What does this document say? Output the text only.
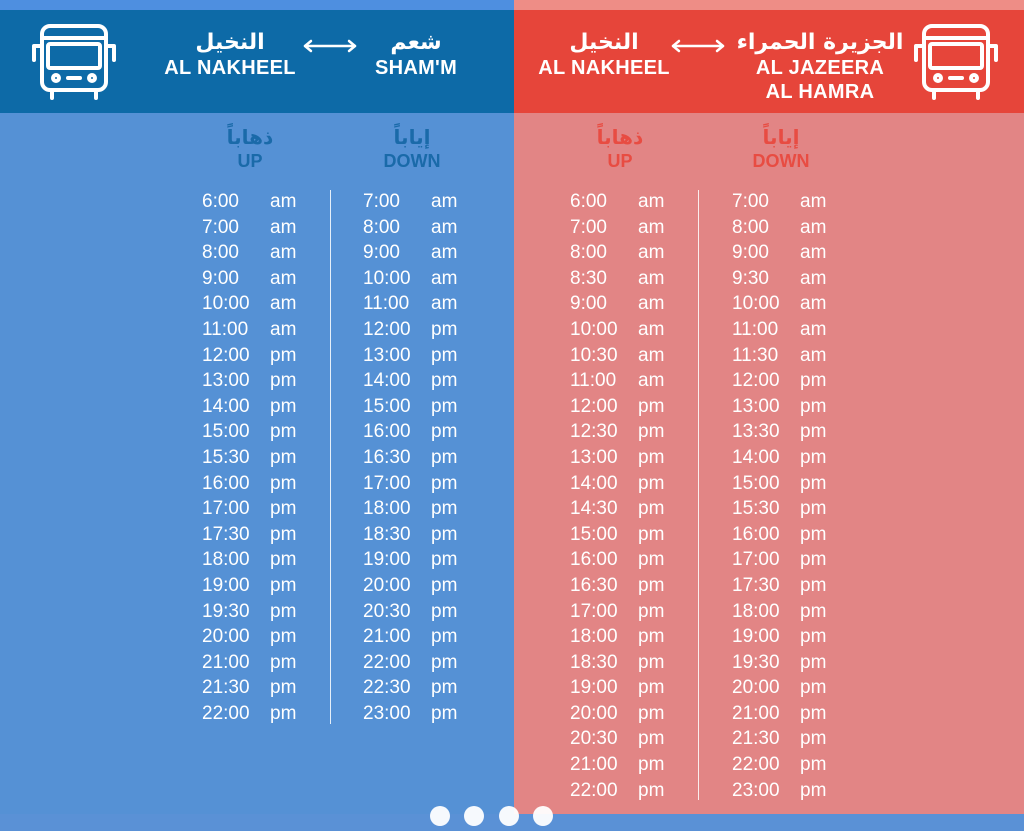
النخيل
AL NAKHEEL
شعم
SHAM'M
ذهاباً
UP
إياباً
DOWN
6:00 am
7:00 am
8:00 am
9:00 am
10:00 am
11:00 am
12:00 pm
13:00 pm
14:00 pm
15:00 pm
15:30 pm
16:00 pm
17:00 pm
17:30 pm
18:00 pm
19:00 pm
19:30 pm
20:00 pm
21:00 pm
21:30 pm
22:00 pm
7:00 am
8:00 am
9:00 am
10:00 am
11:00 am
12:00 pm
13:00 pm
14:00 pm
15:00 pm
16:00 pm
16:30 pm
17:00 pm
18:00 pm
18:30 pm
19:00 pm
20:00 pm
20:30 pm
21:00 pm
22:00 pm
22:30 pm
23:00 pm
النخيل
AL NAKHEEL
الجزيرة الحمراء
AL JAZEERA
AL HAMRA
ذهاباً
UP
إياباً
DOWN
6:00 am
7:00 am
8:00 am
8:30 am
9:00 am
10:00 am
10:30 am
11:00 am
12:00 pm
12:30 pm
13:00 pm
14:00 pm
14:30 pm
15:00 pm
16:00 pm
16:30 pm
17:00 pm
18:00 pm
18:30 pm
19:00 pm
20:00 pm
20:30 pm
21:00 pm
22:00 pm
7:00 am
8:00 am
9:00 am
9:30 am
10:00 am
11:00 am
11:30 am
12:00 pm
13:00 pm
13:30 pm
14:00 pm
15:00 pm
15:30 pm
16:00 pm
17:00 pm
17:30 pm
18:00 pm
19:00 pm
19:30 pm
20:00 pm
21:00 pm
21:30 pm
22:00 pm
23:00 pm
